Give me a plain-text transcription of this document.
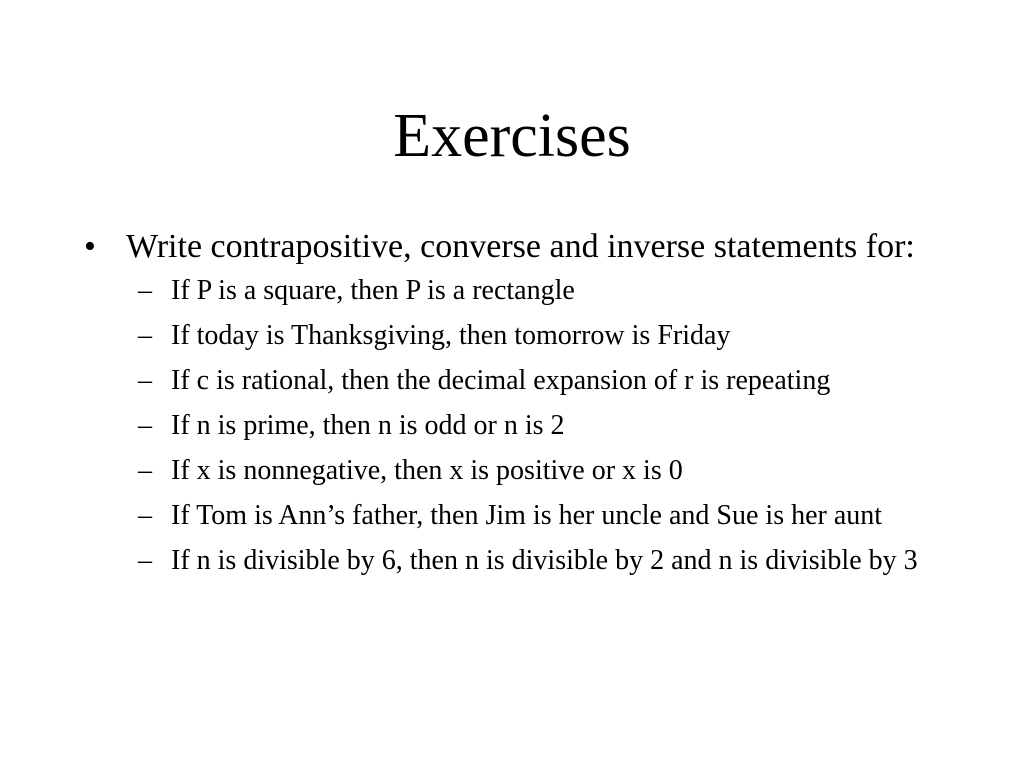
Exercises
• Write contrapositive, converse and inverse statements for:
– If P is a square, then P is a rectangle
– If today is Thanksgiving, then tomorrow is Friday
– If c is rational, then the decimal expansion of r is repeating
– If n is prime, then n is odd or n is 2
– If x is nonnegative, then x is positive or x is 0
– If Tom is Ann’s father, then Jim is her uncle and Sue is her aunt
– If n is divisible by 6, then n is divisible by 2 and n is divisible by 3
